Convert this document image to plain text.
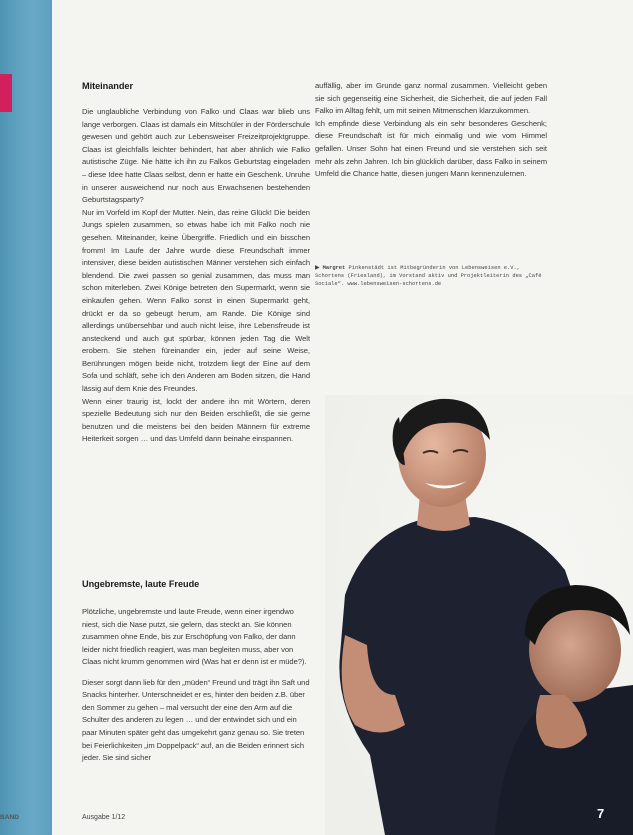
Miteinander

Die unglaubliche Verbindung von Falko und Claas war blieb uns lange verborgen. Claas ist damals ein Mitschüler in der Förderschule gewesen und gehört auch zur Lebensweiser Freizeitprojektgruppe. Claas ist gleichfalls leichter behindert, hat aber ähnlich wie Falko autistische Züge. Nie hätte ich ihn zu Falkos Geburtstag eingeladen – diese Idee hatte Claas selbst, denn er hatte ein Geschenk. Unruhe in unserer ausweichend nur noch aus Erwachsenen bestehenden Geburtstagsparty?

Nur im Vorfeld im Kopf der Mutter. Nein, das reine Glück! Die beiden Jungs spielen zusammen, so etwas habe ich mit Falko noch nie gesehen. Miteinander, keine Übergriffe. Friedlich und ein bisschen fromm! Im Laufe der Jahre wurde diese Freundschaft immer intensiver, diese beiden autistischen Männer verstehen sich einfach blendend. Die zwei passen so genial zusammen, das muss man schon miterleben. Zwei Könige betreten den Supermarkt, wenn sie einkaufen gehen. Wenn Falko sonst in einen Supermarkt geht, drückt er da so gebeugt herum, am Rande. Die Könige sind allerdings unübersehbar und auch nicht leise, ihre Lebensfreude ist ansteckend und auch gut spürbar, können jeden Tag die Welt erobern. Sie stehen füreinander ein, jeder auf seine Weise, Berührungen mögen beide nicht, trotzdem liegt der Eine auf dem Sofa und schläft, sehe ich den Anderen am Boden sitzen, die Hand lässig auf dem Knie des Freundes.

Wenn einer traurig ist, lockt der andere ihn mit Wörtern, deren spezielle Bedeutung sich nur den Beiden erschließt, die sie gerne benutzen und die meistens bei den beiden Männern für extreme Heiterkeit sorgen … und das Umfeld dann beinahe einspannen.

Ungebremste, laute Freude

Plötzliche, ungebremste und laute Freude, wenn einer irgendwo niest, sich die Nase putzt, sie gelern, das steckt an. Sie können zusammen ohne Ende, bis zur Erschöpfung von Falko, der dann leider nicht friedlich reagiert, was man begleiten muss, aber von Claas nicht krumm genommen wird (Was hat er denn ist er müde?).

Dieser sorgt dann lieb für den „müden“ Freund und trägt ihn Saft und Snacks hinterher. Unterschneidet er es, hinter den beiden z.B. über den Sommer zu gehen – mal versucht der eine den Arm auf die Schulter des anderen zu legen … und der entwindet sich und ein paar Minuten später geht das umgekehrt ganz genau so. Sie treten bei Feierlichkeiten „im Doppelpack“ auf, an die Beiden erinnert sich jeder. Sie sind sicher

auffällig, aber im Grunde ganz normal zusammen. Vielleicht geben sie sich gegenseitig eine Sicherheit, die Sicherheit, die auf jeden Fall Falko im Alltag fehlt, um mit seinen Mitmenschen klarzukommen.

Ich empfinde diese Verbindung als ein sehr besonderes Geschenk; diese Freundschaft ist für mich einmalig und wie vom Himmel gefallen. Unser Sohn hat einen Freund und sie verstehen sich seit mehr als zehn Jahren. Ich bin glücklich darüber, dass Falko in seinem Umfeld die Chance hatte, diesen jungen Mann kennenzulernen.

▶ Margret Pinkenstädt ist Mitbegründerin von Lebensweisen e.V., Schortens (Friesland), im Vorstand aktiv und Projektleiterin des „Café Sociale“. www.lebensweisen-schortens.de
BAND	Ausgabe 1/12	7
